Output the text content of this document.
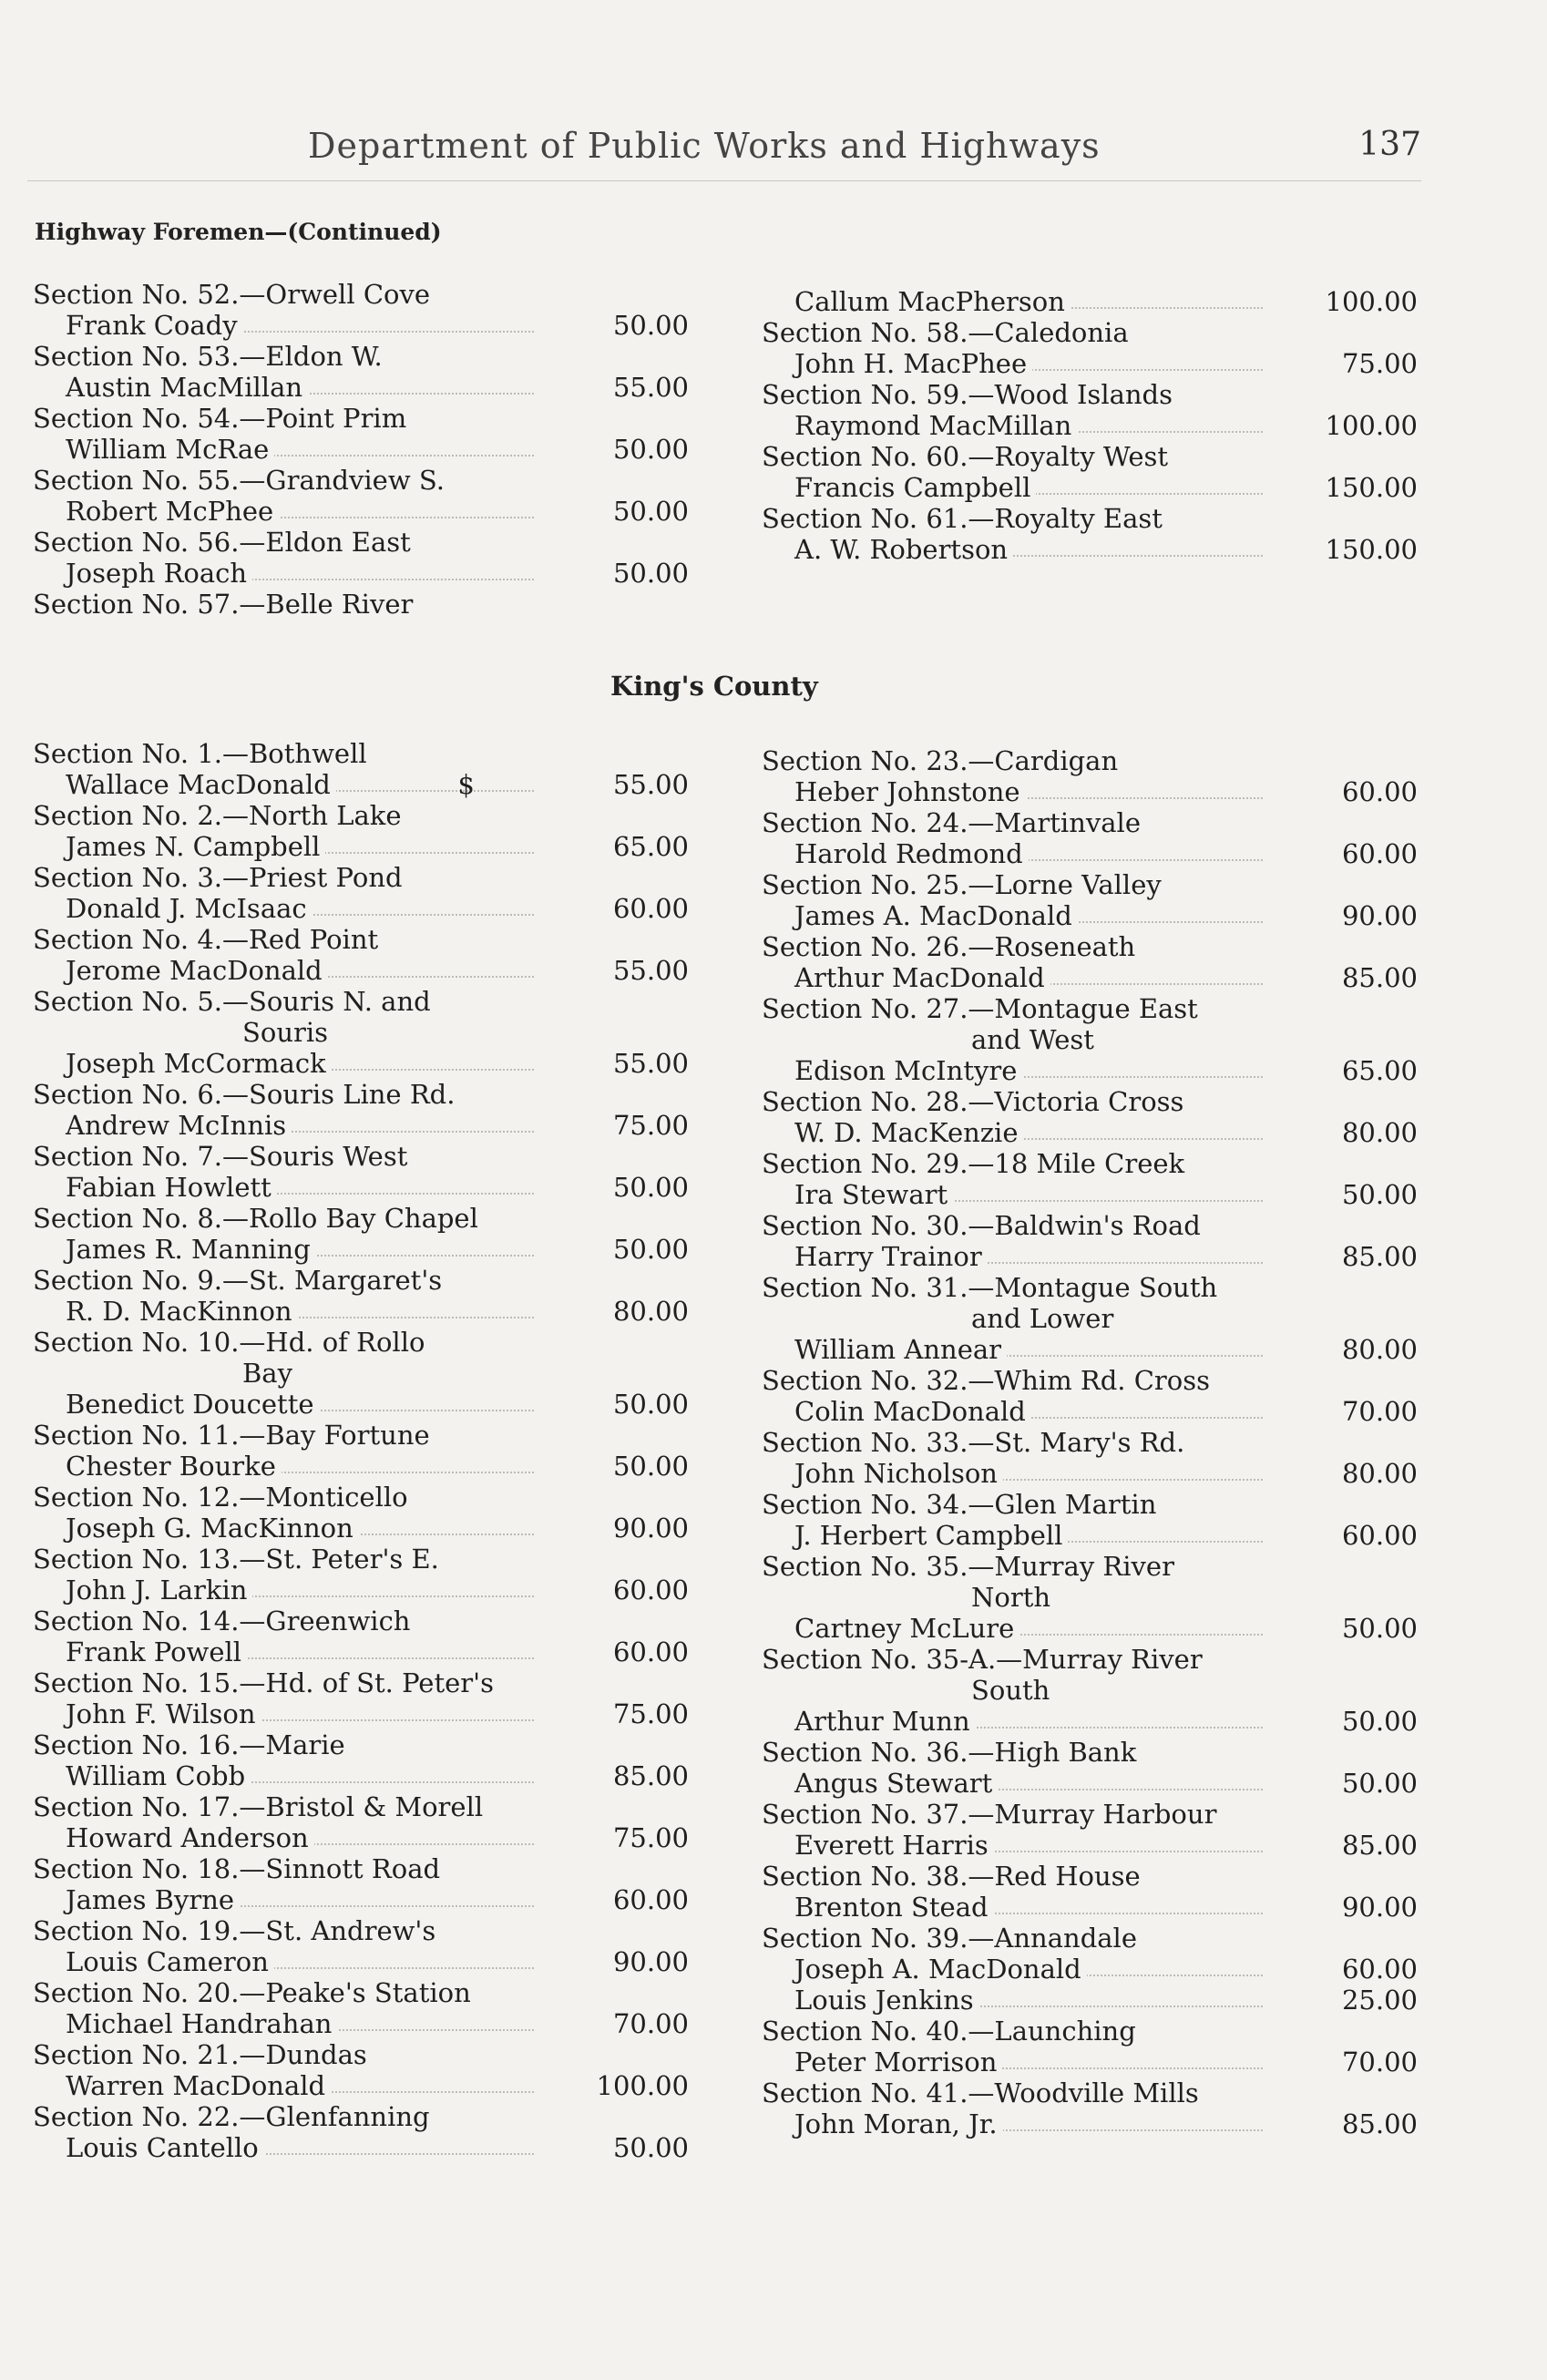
Department of Public Works and Highways	137
Highway Foremen—(Continued)
Section No. 52.—Orwell Cove
Frank Coady	50.00
Section No. 53.—Eldon W.
Austin MacMillan	55.00
Section No. 54.—Point Prim
William McRae	50.00
Section No. 55.—Grandview S.
Robert McPhee	50.00
Section No. 56.—Eldon East
Joseph Roach	50.00
Section No. 57.—Belle River
Callum MacPherson	100.00
Section No. 58.—Caledonia
John H. MacPhee	75.00
Section No. 59.—Wood Islands
Raymond MacMillan	100.00
Section No. 60.—Royalty West
Francis Campbell	150.00
Section No. 61.—Royalty East
A. W. Robertson	150.00
King's County
Section No. 1.—Bothwell
Wallace MacDonald	$	55.00
Section No. 2.—North Lake
James N. Campbell	65.00
Section No. 3.—Priest Pond
Donald J. McIsaac	60.00
Section No. 4.—Red Point
Jerome MacDonald	55.00
Section No. 5.—Souris N. and
Souris
Joseph McCormack	55.00
Section No. 6.—Souris Line Rd.
Andrew McInnis	75.00
Section No. 7.—Souris West
Fabian Howlett	50.00
Section No. 8.—Rollo Bay Chapel
James R. Manning	50.00
Section No. 9.—St. Margaret's
R. D. MacKinnon	80.00
Section No. 10.—Hd. of Rollo
Bay
Benedict Doucette	50.00
Section No. 11.—Bay Fortune
Chester Bourke	50.00
Section No. 12.—Monticello
Joseph G. MacKinnon	90.00
Section No. 13.—St. Peter's E.
John J. Larkin	60.00
Section No. 14.—Greenwich
Frank Powell	60.00
Section No. 15.—Hd. of St. Peter's
John F. Wilson	75.00
Section No. 16.—Marie
William Cobb	85.00
Section No. 17.—Bristol & Morell
Howard Anderson	75.00
Section No. 18.—Sinnott Road
James Byrne	60.00
Section No. 19.—St. Andrew's
Louis Cameron	90.00
Section No. 20.—Peake's Station
Michael Handrahan	70.00
Section No. 21.—Dundas
Warren MacDonald	100.00
Section No. 22.—Glenfanning
Louis Cantello	50.00
Section No. 23.—Cardigan
Heber Johnstone	60.00
Section No. 24.—Martinvale
Harold Redmond	60.00
Section No. 25.—Lorne Valley
James A. MacDonald	90.00
Section No. 26.—Roseneath
Arthur MacDonald	85.00
Section No. 27.—Montague East
and West
Edison McIntyre	65.00
Section No. 28.—Victoria Cross
W. D. MacKenzie	80.00
Section No. 29.—18 Mile Creek
Ira Stewart	50.00
Section No. 30.—Baldwin's Road
Harry Trainor	85.00
Section No. 31.—Montague South
and Lower
William Annear	80.00
Section No. 32.—Whim Rd. Cross
Colin MacDonald	70.00
Section No. 33.—St. Mary's Rd.
John Nicholson	80.00
Section No. 34.—Glen Martin
J. Herbert Campbell	60.00
Section No. 35.—Murray River
North
Cartney McLure	50.00
Section No. 35-A.—Murray River
South
Arthur Munn	50.00
Section No. 36.—High Bank
Angus Stewart	50.00
Section No. 37.—Murray Harbour
Everett Harris	85.00
Section No. 38.—Red House
Brenton Stead	90.00
Section No. 39.—Annandale
Joseph A. MacDonald	60.00
Louis Jenkins	25.00
Section No. 40.—Launching
Peter Morrison	70.00
Section No. 41.—Woodville Mills
John Moran, Jr.	85.00
